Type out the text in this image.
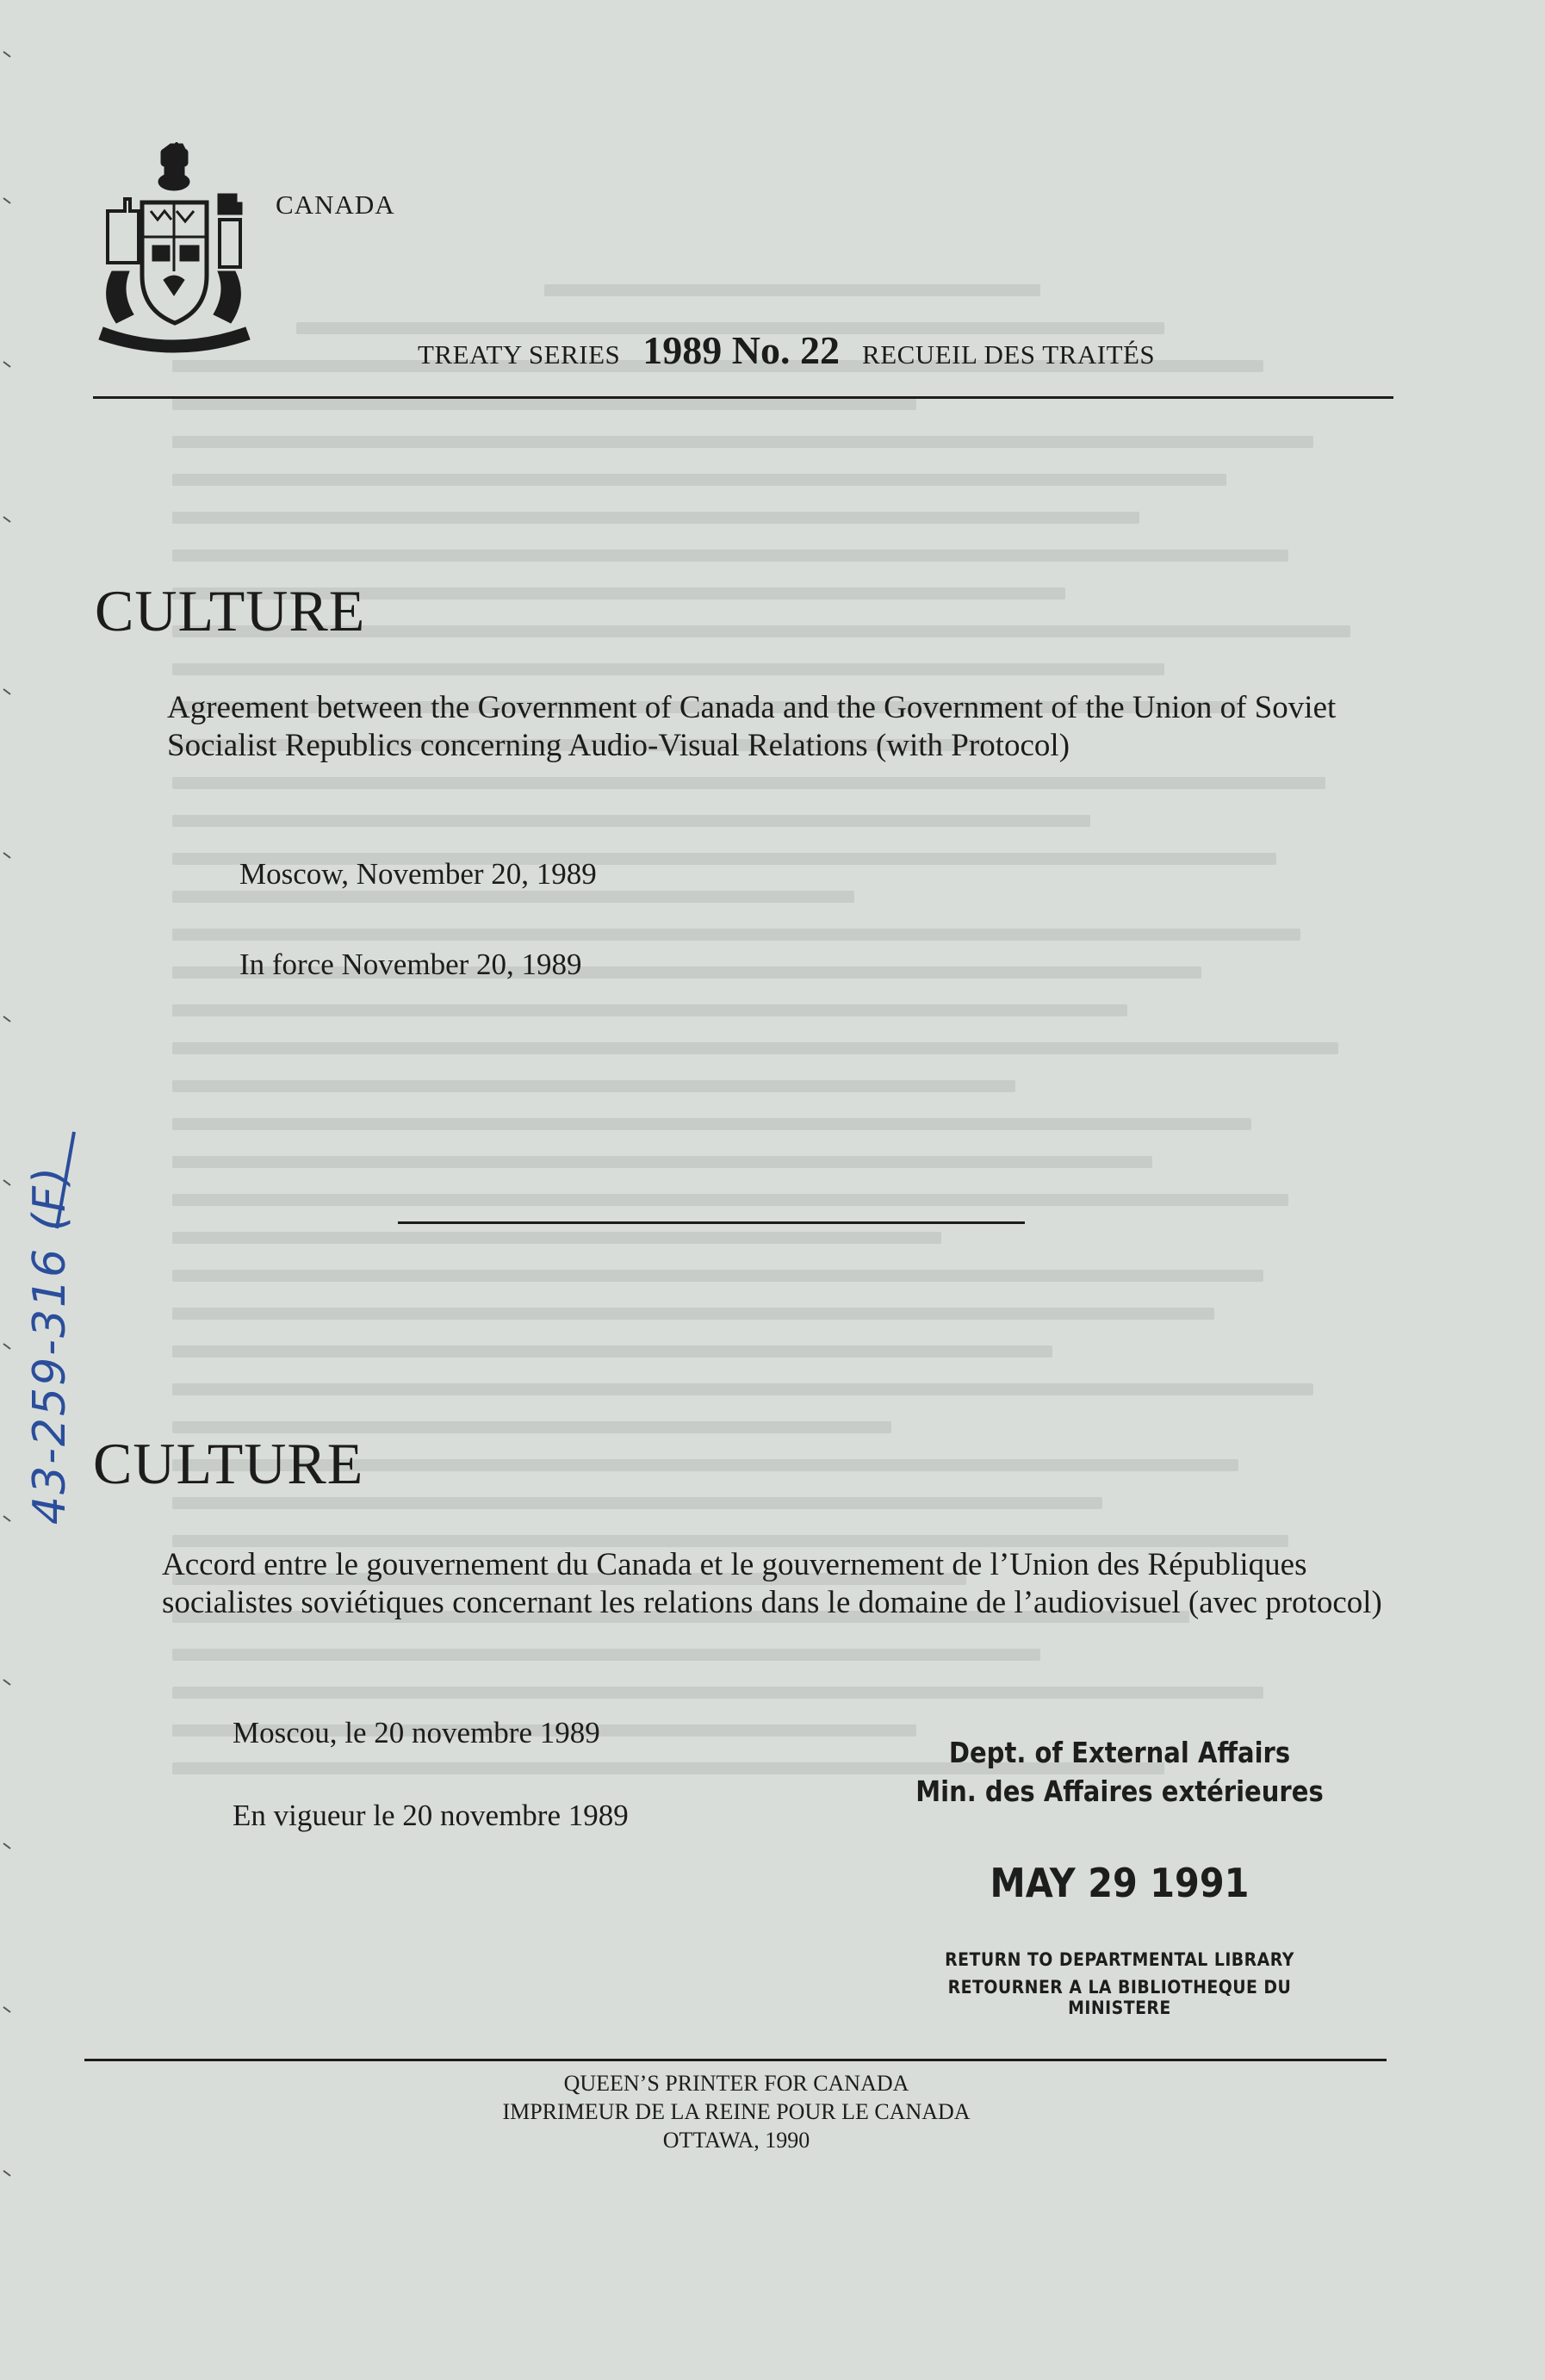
CANADA
TREATY SERIES 1989 No. 22 RECUEIL DES TRAITÉS
CULTURE
Agreement between the Government of Canada and the Government of the Union of Soviet Socialist Republics concerning Audio-Visual Relations (with Protocol)
Moscow, November 20, 1989
In force November 20, 1989
CULTURE
Accord entre le gouvernement du Canada et le gouvernement de l’Union des Républiques socialistes soviétiques concernant les relations dans le domaine de l’audiovisuel (avec protocol)
Moscou, le 20 novembre 1989
En vigueur le 20 novembre 1989
Dept. of External Affairs
Min. des Affaires extérieures
MAY 29 1991
RETURN TO DEPARTMENTAL LIBRARY
RETOURNER A LA BIBLIOTHEQUE DU MINISTERE
QUEEN’S PRINTER FOR CANADA
IMPRIMEUR DE LA REINE POUR LE CANADA
OTTAWA, 1990
43-259-316 (F)
